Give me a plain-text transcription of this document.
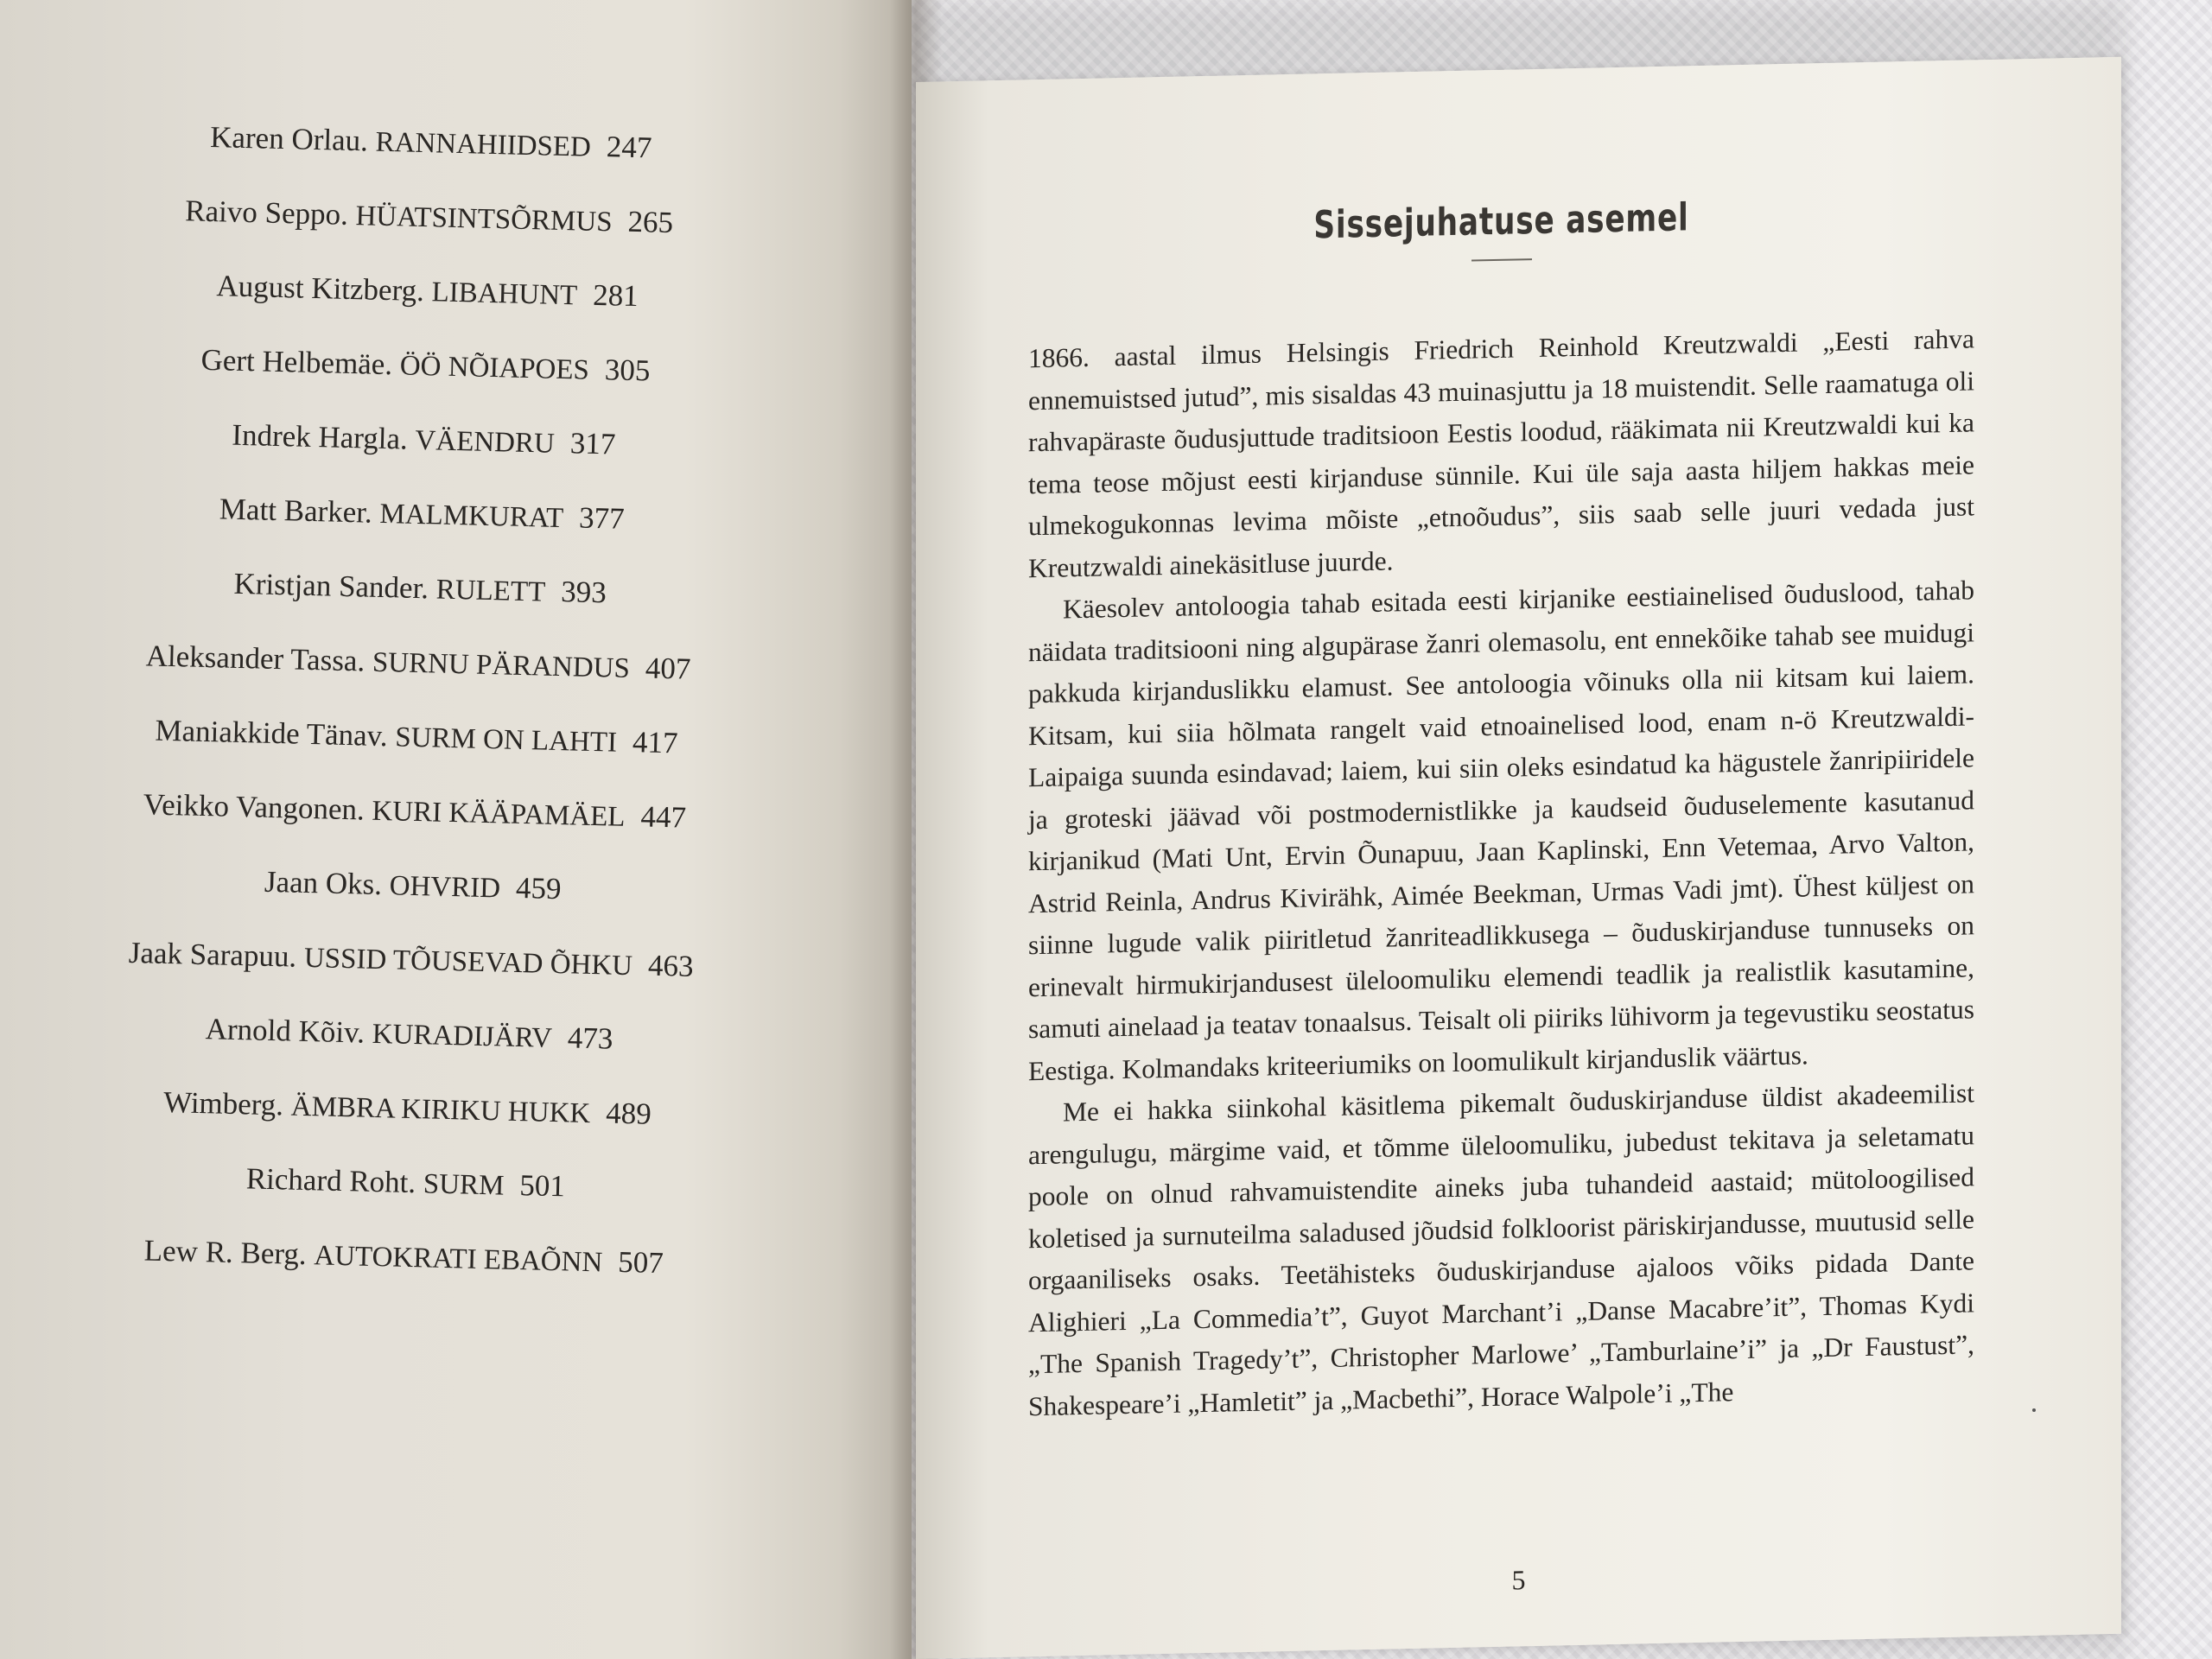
Karen Orlau. RANNAHIIDSED 247
Raivo Seppo. HÜATSINTSÕRMUS 265
August Kitzberg. LIBAHUNT 281
Gert Helbemäe. ÖÖ NÕIAPOES 305
Indrek Hargla. VÄENDRU 317
Matt Barker. MALMKURAT 377
Kristjan Sander. RULETT 393
Aleksander Tassa. SURNU PÄRANDUS 407
Maniakkide Tänav. SURM ON LAHTI 417
Veikko Vangonen. KURI KÄÄPAMÄEL 447
Jaan Oks. OHVRID 459
Jaak Sarapuu. USSID TÕUSEVAD ÕHKU 463
Arnold Kõiv. KURADIJÄRV 473
Wimberg. ÄMBRA KIRIKU HUKK 489
Richard Roht. SURM 501
Lew R. Berg. AUTOKRATI EBAÕNN 507
Sissejuhatuse asemel

1866. aastal ilmus Helsingis Friedrich Reinhold Kreutzwaldi „Eesti rahva ennemuistsed jutud”, mis sisaldas 43 muinasjuttu ja 18 muistendit. Selle raamatuga oli rahvapäraste õudusjuttude traditsioon Eestis loodud, rääkimata nii Kreutzwaldi kui ka tema teose mõjust eesti kirjanduse sünnile. Kui üle saja aasta hiljem hakkas meie ulmekogukonnas levima mõiste „etnoõudus”, siis saab selle juuri vedada just Kreutzwaldi ainekäsitluse juurde.

Käesolev antoloogia tahab esitada eesti kirjanike eestiainelised õuduslood, tahab näidata traditsiooni ning algupärase žanri olemasolu, ent ennekõike tahab see muidugi pakkuda kirjanduslikku elamust. See antoloogia võinuks olla nii kitsam kui laiem. Kitsam, kui siia hõlmata rangelt vaid etnoainelised lood, enam n-ö Kreutzwaldi-Laipaiga suunda esindavad; laiem, kui siin oleks esindatud ka hägustele žanripiiridele ja groteski jäävad või postmodernistlikke ja kaudseid õuduselemente kasutanud kirjanikud (Mati Unt, Ervin Õunapuu, Jaan Kaplinski, Enn Vetemaa, Arvo Valton, Astrid Reinla, Andrus Kivirähk, Aimée Beekman, Urmas Vadi jmt). Ühest küljest on siinne lugude valik piiritletud žanriteadlikkusega – õuduskirjanduse tunnuseks on erinevalt hirmukirjandusest üleloomuliku elemendi teadlik ja realistlik kasutamine, samuti ainelaad ja teatav tonaalsus. Teisalt oli piiriks lühivorm ja tegevustiku seostatus Eestiga. Kolmandaks kriteeriumiks on loomulikult kirjanduslik väärtus.

Me ei hakka siinkohal käsitlema pikemalt õuduskirjanduse üldist akadeemilist arengulugu, märgime vaid, et tõmme üleloomuliku, jubedust tekitava ja seletamatu poole on olnud rahvamuistendite aineks juba tuhandeid aastaid; mütoloogilised koletised ja surnuteilma saladused jõudsid folkloorist päriskirjandusse, muutusid selle orgaaniliseks osaks. Teetähisteks õuduskirjanduse ajaloos võiks pidada Dante Alighieri „La Commedia’t”, Guyot Marchant’i „Danse Macabre’it”, Thomas Kydi „The Spanish Tragedy’t”, Christopher Marlowe’ „Tamburlaine’i” ja „Dr Faustust”, Shakespeare’i „Hamletit” ja „Macbethi”, Horace Walpole’i „The

5
